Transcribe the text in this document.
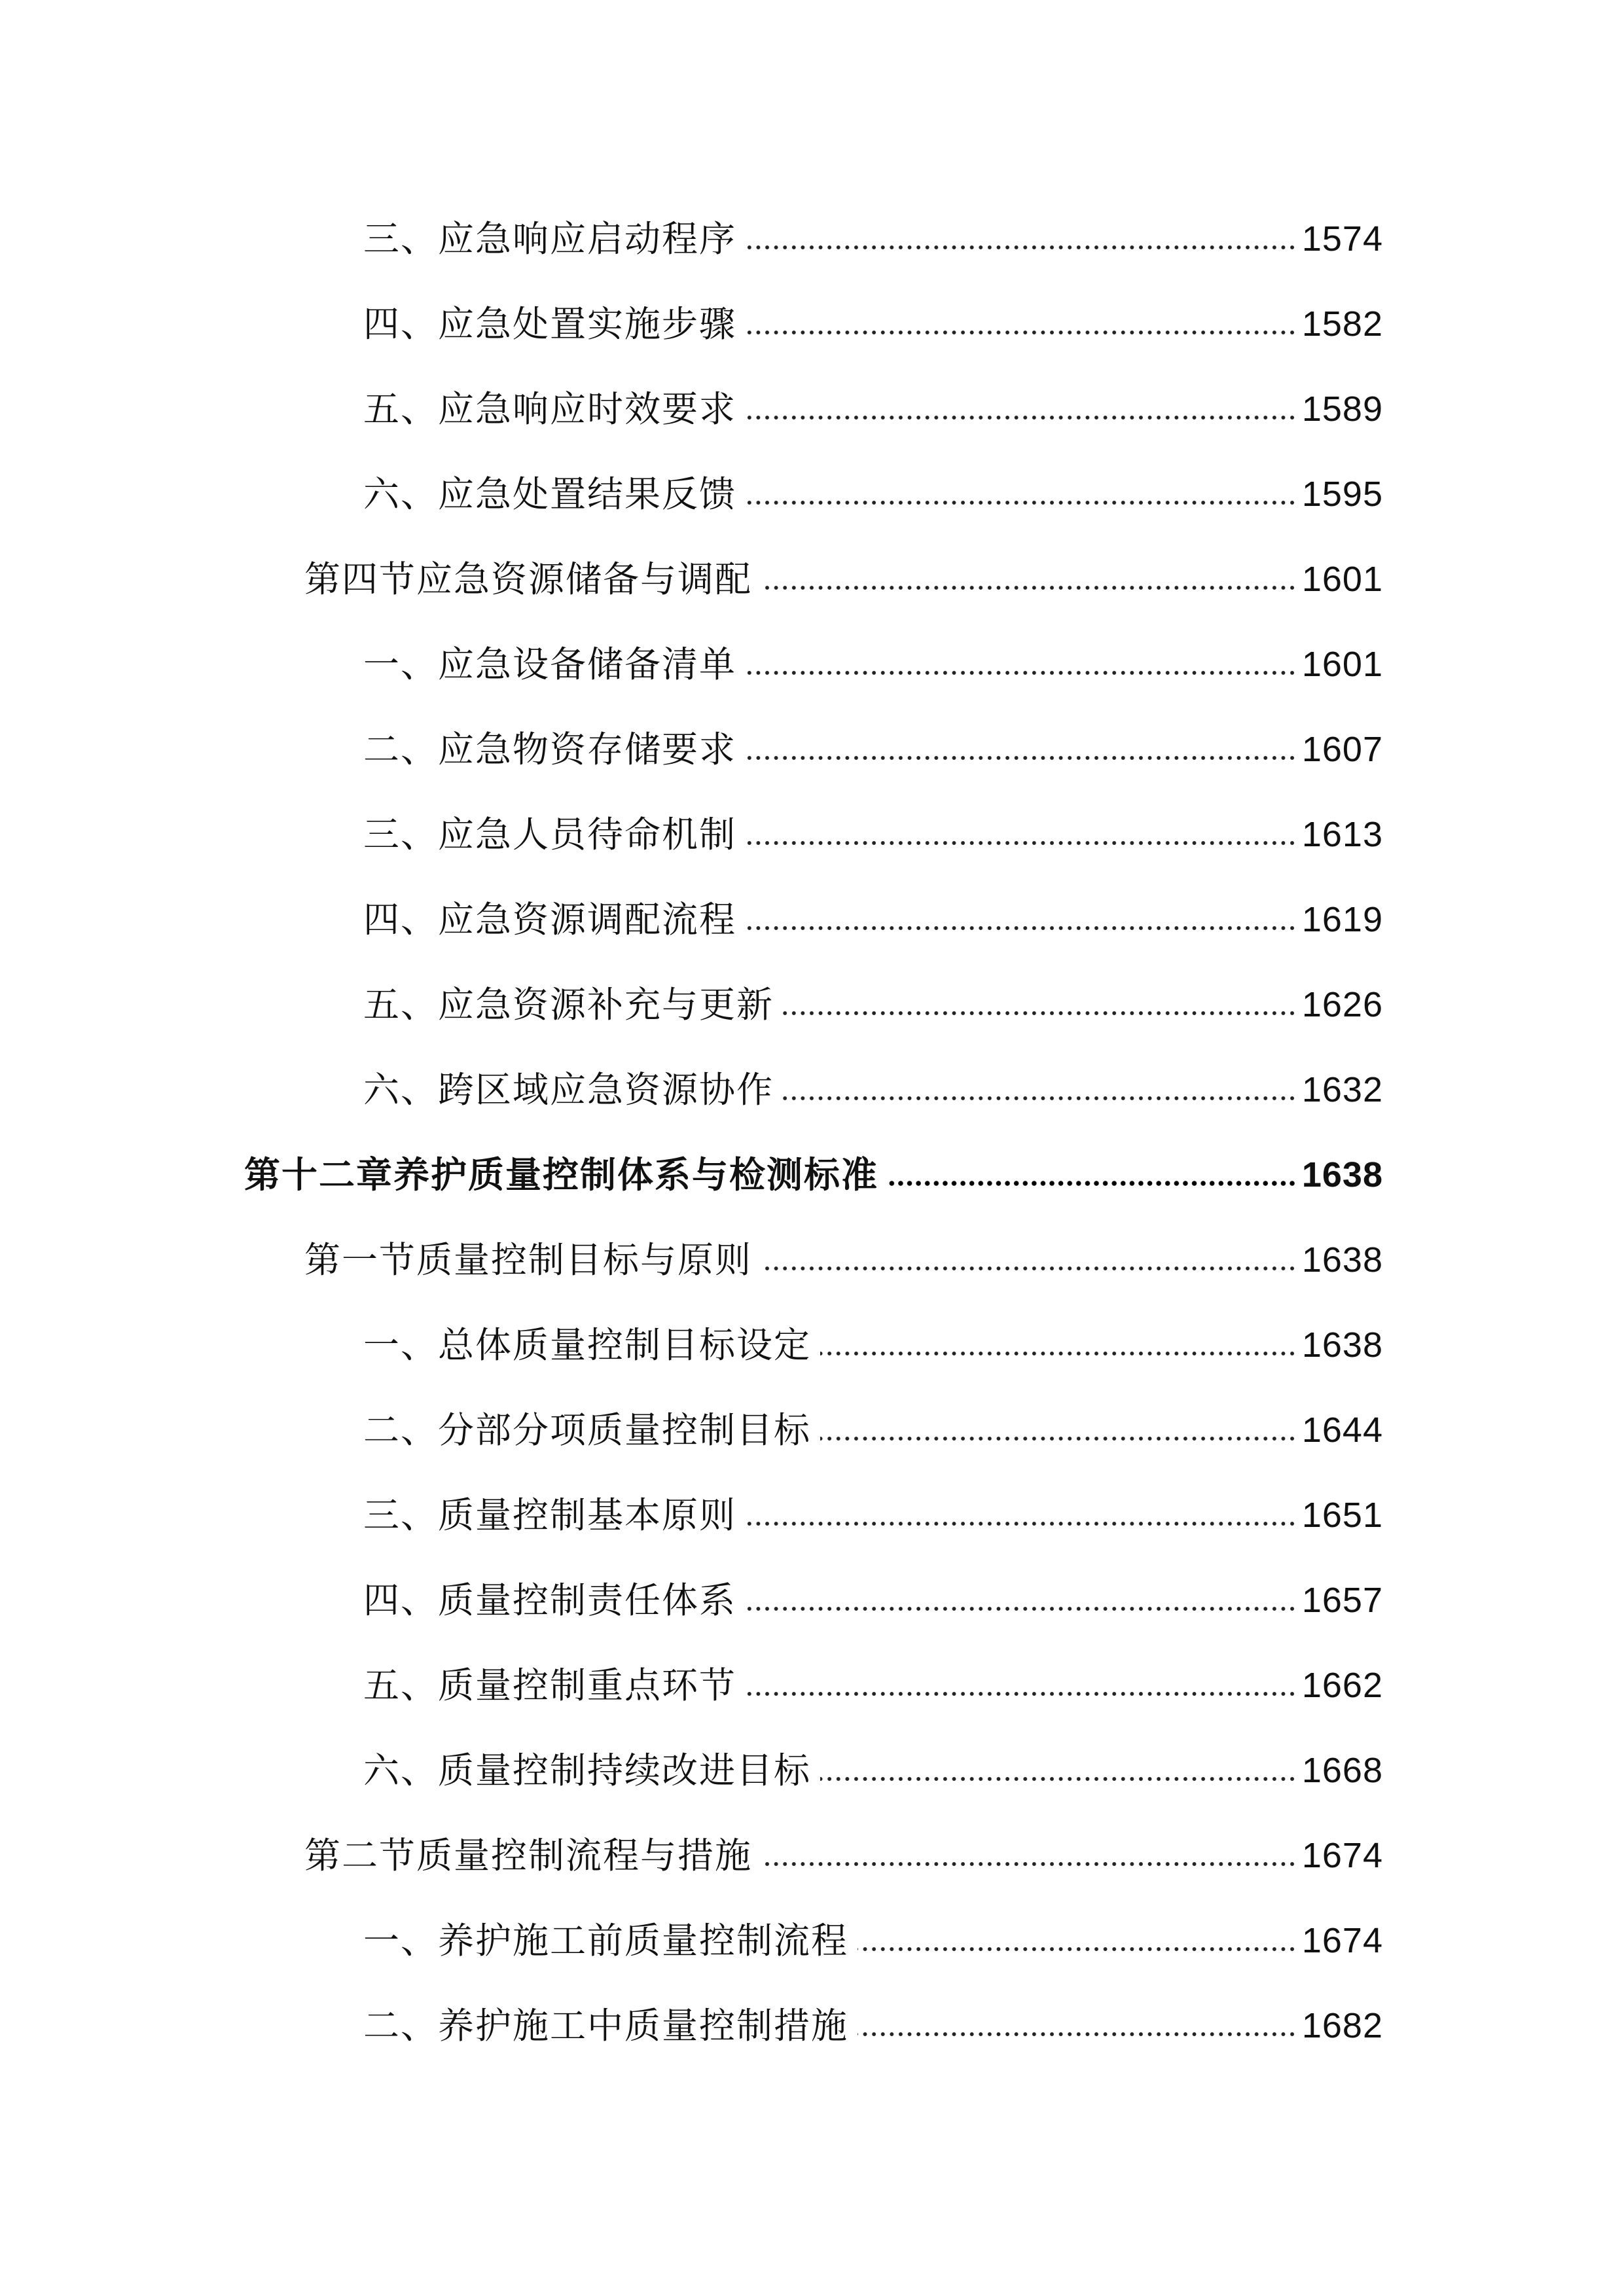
三、应急响应启动程序	1574
四、应急处置实施步骤	1582
五、应急响应时效要求	1589
六、应急处置结果反馈	1595
第四节应急资源储备与调配	1601
一、应急设备储备清单	1601
二、应急物资存储要求	1607
三、应急人员待命机制	1613
四、应急资源调配流程	1619
五、应急资源补充与更新	1626
六、跨区域应急资源协作	1632
第十二章养护质量控制体系与检测标准	1638
第一节质量控制目标与原则	1638
一、总体质量控制目标设定	1638
二、分部分项质量控制目标	1644
三、质量控制基本原则	1651
四、质量控制责任体系	1657
五、质量控制重点环节	1662
六、质量控制持续改进目标	1668
第二节质量控制流程与措施	1674
一、养护施工前质量控制流程	1674
二、养护施工中质量控制措施	1682
